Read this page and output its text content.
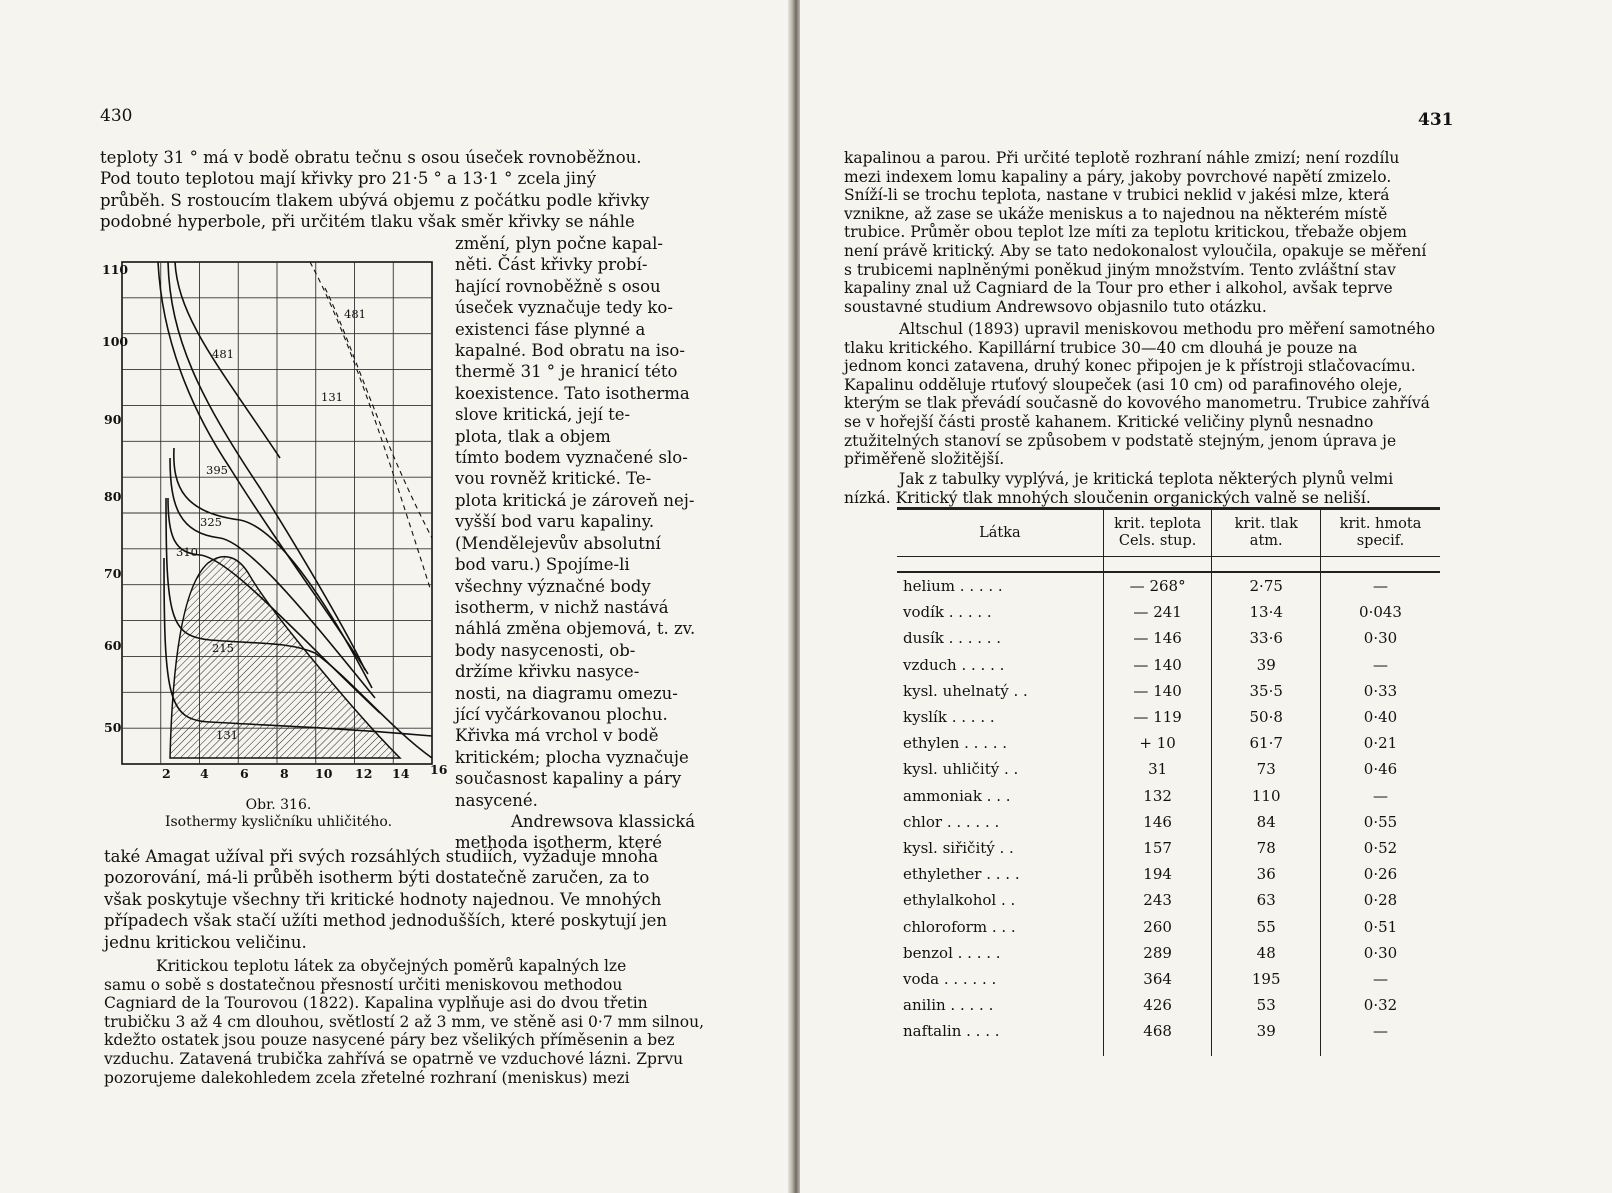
430

teploty 31 ° má v bodě obratu tečnu s osou úseček rovnoběžnou.

Pod touto teplotou mají křivky pro 21·5 ° a 13·1 ° zcela jiný

průběh. S rostoucím tlakem ubývá objemu z počátku podle křivky

podobné hyperbole, při určitém tlaku však směr křivky se náhle

změní, plyn počne kapal-

něti. Část křivky probí-

hající rovnoběžně s osou

úseček vyznačuje tedy ko-

existenci fáse plynné a

kapalné. Bod obratu na iso-

thermě 31 ° je hranicí této

koexistence. Tato isotherma

slove kritická, její te-

plota, tlak a objem

tímto bodem vyznačené slo-

vou rovněž kritické. Te-

plota kritická je zároveň nej-

vyšší bod varu kapaliny.

(Mendělejevův absolutní

bod varu.) Spojíme-li

všechny význačné body

isotherm, v nichž nastává

náhlá změna objemová, t. zv.

body nasycenosti, ob-

držíme křivku nasyce-

nosti, na diagramu omezu-

jící vyčárkovanou plochu.

Křivka má vrchol v bodě

kritickém; plocha vyznačuje

současnost kapaliny a páry

nasycené.

Andrewsova klassická

methoda isotherm, které

také Amagat užíval při svých rozsáhlých studiích, vyžaduje mnoha

pozorování, má-li průběh isotherm býti dostatečně zaručen, za to

však poskytuje všechny tři kritické hodnoty najednou. Ve mnohých

případech však stačí užíti method jednodušších, které poskytují jen

jednu kritickou veličinu.

Kritickou teplotu látek za obyčejných poměrů kapalných lze

samu o sobě s dostatečnou přesností určiti meniskovou methodou

Cagniard de la Tourovou (1822). Kapalina vyplňuje asi do dvou třetin

trubičku 3 až 4 cm dlouhou, světlostí 2 až 3 mm, ve stěně asi 0·7 mm silnou,

kdežto ostatek jsou pouze nasycené páry bez všelikých příměsenin a bez

vzduchu. Zatavená trubička zahřívá se opatrně ve vzduchové lázni. Zprvu

pozorujeme dalekohledem zcela zřetelné rozhraní (meniskus) mezi

110
100
90
80
70
60
50
2 4	6	8 10 12 14 16
481
481
131
395
325
310
215
131
Obr. 316.
Isothermy kysličníku uhličitého.
431

kapalinou a parou. Při určité teplotě rozhraní náhle zmizí; není rozdílu

mezi indexem lomu kapaliny a páry, jakoby povrchové napětí zmizelo.

Sníží-li se trochu teplota, nastane v trubici neklid v jakési mlze, která

vznikne, až zase se ukáže meniskus a to najednou na některém místě

trubice. Průměr obou teplot lze míti za teplotu kritickou, třebaže objem

není právě kritický. Aby se tato nedokonalost vyloučila, opakuje se měření

s trubicemi naplněnými poněkud jiným množstvím. Tento zvláštní stav

kapaliny znal už Cagniard de la Tour pro ether i alkohol, avšak teprve

soustavné studium Andrewsovo objasnilo tuto otázku.

Altschul (1893) upravil meniskovou methodu pro měření samotného

tlaku kritického. Kapillární trubice 30—40 cm dlouhá je pouze na

jednom konci zatavena, druhý konec připojen je k přístroji stlačovacímu.

Kapalinu odděluje rtuťový sloupeček (asi 10 cm) od parafinového oleje,

kterým se tlak převádí současně do kovového manometru. Trubice zahřívá

se v hořejší části prostě kahanem. Kritické veličiny plynů nesnadno

ztužitelných stanoví se způsobem v podstatě stejným, jenom úprava je

přiměřeně složitější.

Jak z tabulky vyplývá, je kritická teplota některých plynů velmi

nízká. Kritický tlak mnohých sloučenin organických valně se neliší.

Látka	krit. teplota Cels. stup.	krit. tlak atm.	krit. hmota specif.

helium . . . . .	— 268°	2·75	—
vodík . . . . .	— 241	13·4	0·043
dusík . . . . . .	— 146	33·6	0·30
vzduch . . . . .	— 140	39	—
kysl. uhelnatý . .	— 140	35·5	0·33
kyslík . . . . .	— 119	50·8	0·40
ethylen . . . . .	+ 10	61·7	0·21
kysl. uhličitý . .	31	73	0·46
ammoniak . . .	132	110	—
chlor . . . . . .	146	84	0·55
kysl. siřičitý . .	157	78	0·52
ethylether . . . .	194	36	0·26
ethylalkohol . .	243	63	0·28
chloroform . . .	260	55	0·51
benzol . . . . .	289	48	0·30
voda . . . . . .	364	195	—
anilin . . . . .	426	53	0·32
naftalin . . . .	468	39	—
